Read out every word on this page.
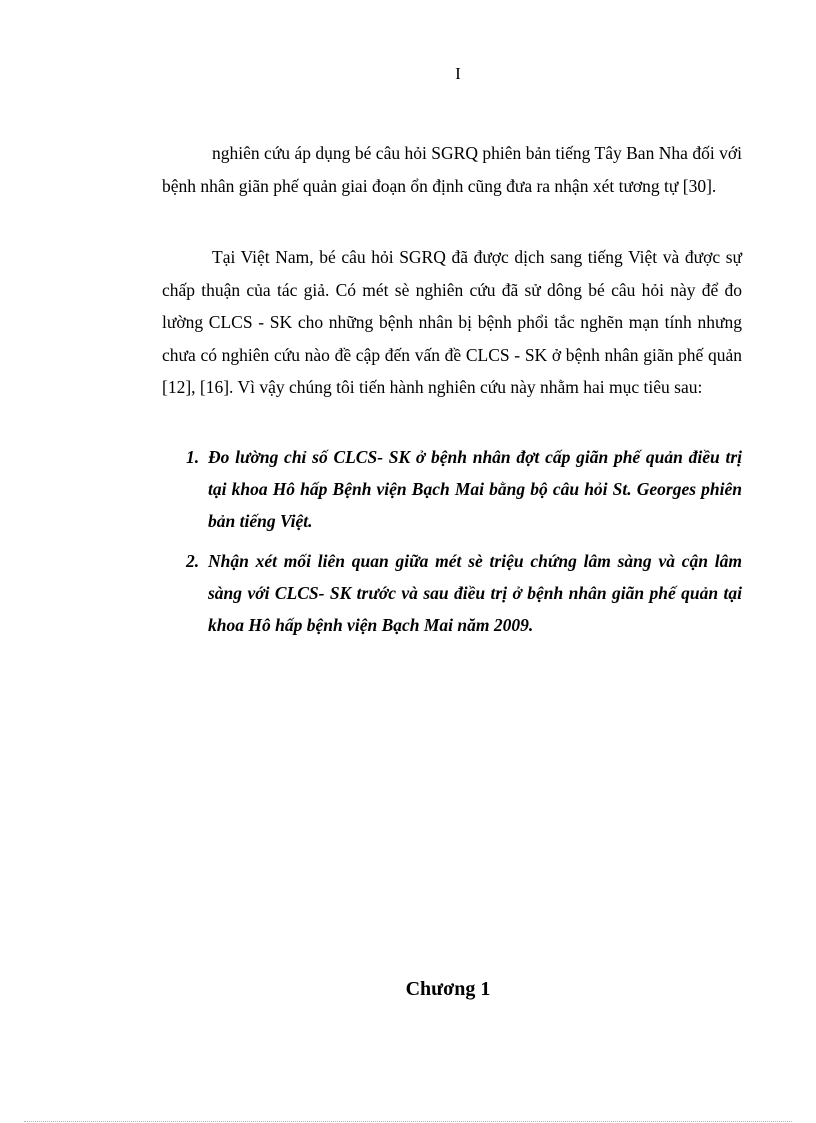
I

nghiên cứu áp dụng bé câu hỏi SGRQ phiên bản tiếng Tây Ban Nha đối với bệnh nhân giãn phế quản giai đoạn ổn định cũng đưa ra nhận xét tương tự [30].

Tại Việt Nam, bé câu hỏi SGRQ đã được dịch sang tiếng Việt và được sự chấp thuận của tác giả. Có mét sè nghiên cứu đã sử dông bé câu hỏi này để đo lường CLCS - SK cho những bệnh nhân bị bệnh phổi tắc nghẽn mạn tính nhưng chưa có nghiên cứu nào đề cập đến vấn đề CLCS - SK ở bệnh nhân giãn phế quản [12], [16]. Vì vậy chúng tôi tiến hành nghiên cứu này nhằm hai mục tiêu sau:

1. Đo lường chỉ số CLCS- SK ở bệnh nhân đợt cấp giãn phế quản điều trị tại khoa Hô hấp Bệnh viện Bạch Mai bằng bộ câu hỏi St. Georges phiên bản tiếng Việt.
2. Nhận xét mối liên quan giữa mét sè triệu chứng lâm sàng và cận lâm sàng với CLCS- SK trước và sau điều trị ở bệnh nhân giãn phế quản tại khoa Hô hấp bệnh viện Bạch Mai năm 2009.
Chương 1
